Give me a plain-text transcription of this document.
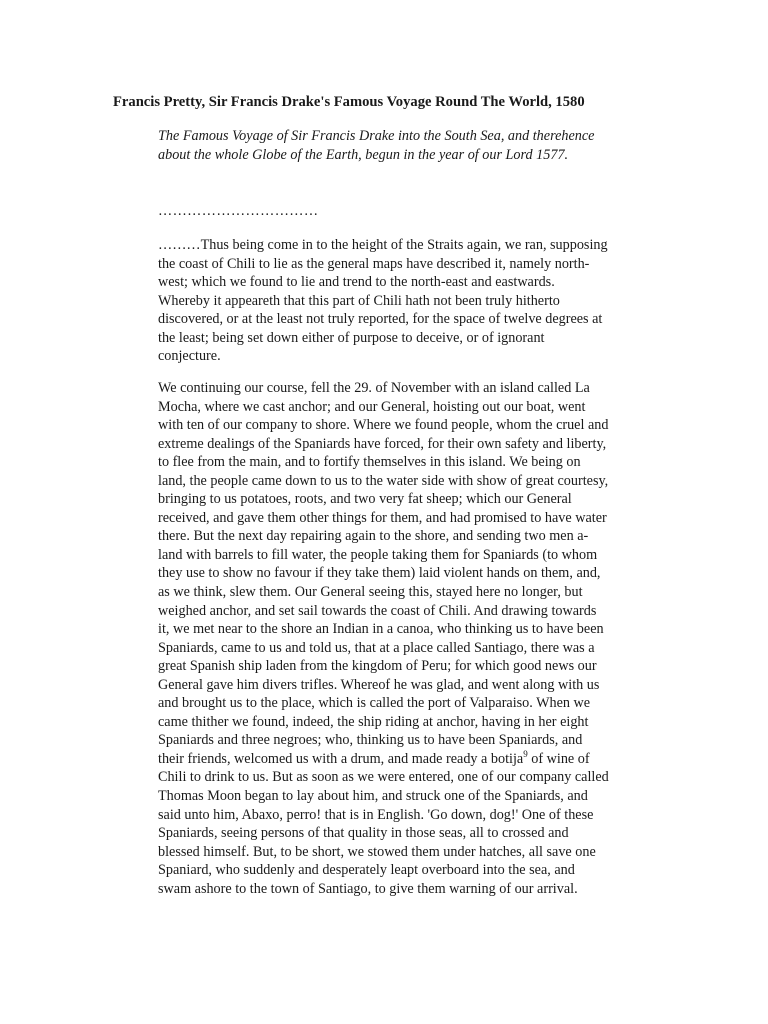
Francis Pretty, Sir Francis Drake's Famous Voyage Round The World, 1580
The Famous Voyage of Sir Francis Drake into the South Sea, and therehence about the whole Globe of the Earth, begun in the year of our Lord 1577.
……………………………

………Thus being come in to the height of the Straits again, we ran, supposing the coast of Chili to lie as the general maps have described it, namely north-west; which we found to lie and trend to the north-east and eastwards. Whereby it appeareth that this part of Chili hath not been truly hitherto discovered, or at the least not truly reported, for the space of twelve degrees at the least; being set down either of purpose to deceive, or of ignorant conjecture.

We continuing our course, fell the 29. of November with an island called La Mocha, where we cast anchor; and our General, hoisting out our boat, went with ten of our company to shore. Where we found people, whom the cruel and extreme dealings of the Spaniards have forced, for their own safety and liberty, to flee from the main, and to fortify themselves in this island. We being on land, the people came down to us to the water side with show of great courtesy, bringing to us potatoes, roots, and two very fat sheep; which our General received, and gave them other things for them, and had promised to have water there. But the next day repairing again to the shore, and sending two men a-land with barrels to fill water, the people taking them for Spaniards (to whom they use to show no favour if they take them) laid violent hands on them, and, as we think, slew them. Our General seeing this, stayed here no longer, but weighed anchor, and set sail towards the coast of Chili. And drawing towards it, we met near to the shore an Indian in a canoa, who thinking us to have been Spaniards, came to us and told us, that at a place called Santiago, there was a great Spanish ship laden from the kingdom of Peru; for which good news our General gave him divers trifles. Whereof he was glad, and went along with us and brought us to the place, which is called the port of Valparaiso. When we came thither we found, indeed, the ship riding at anchor, having in her eight Spaniards and three negroes; who, thinking us to have been Spaniards, and their friends, welcomed us with a drum, and made ready a botija$^9$ of wine of Chili to drink to us. But as soon as we were entered, one of our company called Thomas Moon began to lay about him, and struck one of the Spaniards, and said unto him, Abaxo, perro! that is in English. 'Go down, dog!' One of these Spaniards, seeing persons of that quality in those seas, all to crossed and blessed himself. But, to be short, we stowed them under hatches, all save one Spaniard, who suddenly and desperately leapt overboard into the sea, and swam ashore to the town of Santiago, to give them warning of our arrival.
